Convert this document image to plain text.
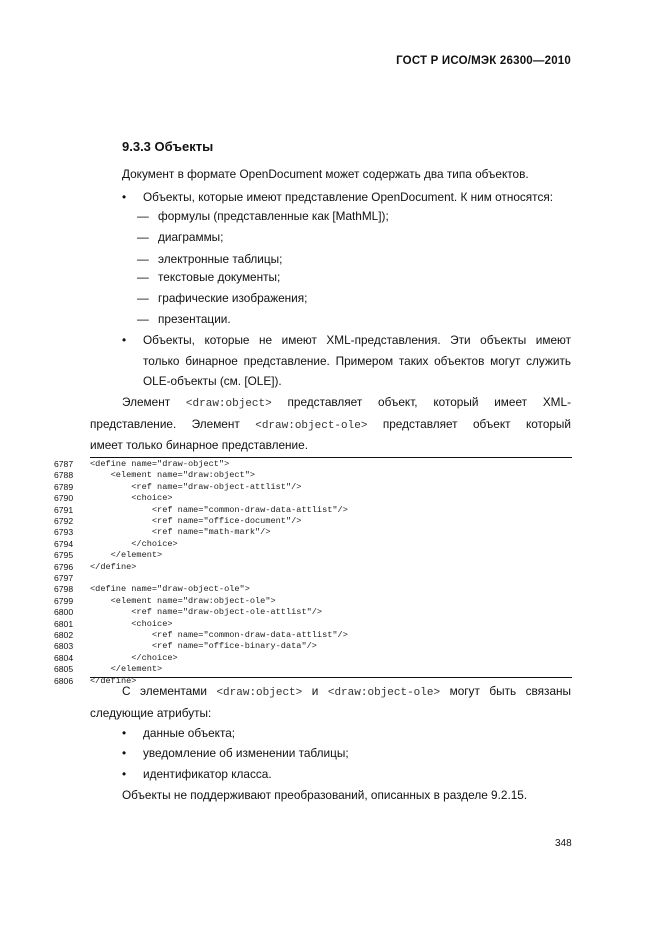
ГОСТ Р ИСО/МЭК 26300—2010
9.3.3 Объекты
Документ в формате OpenDocument может содержать два типа объектов.
• Объекты, которые имеют представление OpenDocument. К ним относятся:
— формулы (представленные как [MathML]);
— диаграммы;
— электронные таблицы;
— текстовые документы;
— графические изображения;
— презентации.
• Объекты, которые не имеют XML-представления. Эти объекты имеют
только бинарное представление. Примером таких объектов могут служить
OLE-объекты (см. [OLE]).
Элемент <draw:object> представляет объект, который имеет XML-
представление. Элемент <draw:object-ole> представляет объект который
имеет только бинарное представление.
6787	<define name="draw-object">
6788	<element name="draw:object">
6789	<ref name="draw-object-attlist"/>
6790	<choice>
6791	<ref name="common-draw-data-attlist"/>
6792	<ref name="office-document"/>
6793	<ref name="math-mark"/>
6794	</choice>
6795	</element>
6796	</define>
6797
6798	<define name="draw-object-ole">
6799	<element name="draw:object-ole">
6800	<ref name="draw-object-ole-attlist"/>
6801	<choice>
6802	<ref name="common-draw-data-attlist"/>
6803	<ref name="office-binary-data"/>
6804	</choice>
6805	</element>
6806	</define>
С элементами <draw:object> и <draw:object-ole> могут быть связаны
следующие атрибуты:
• данные объекта;
• уведомление об изменении таблицы;
• идентификатор класса.
Объекты не поддерживают преобразований, описанных в разделе 9.2.15.
348
